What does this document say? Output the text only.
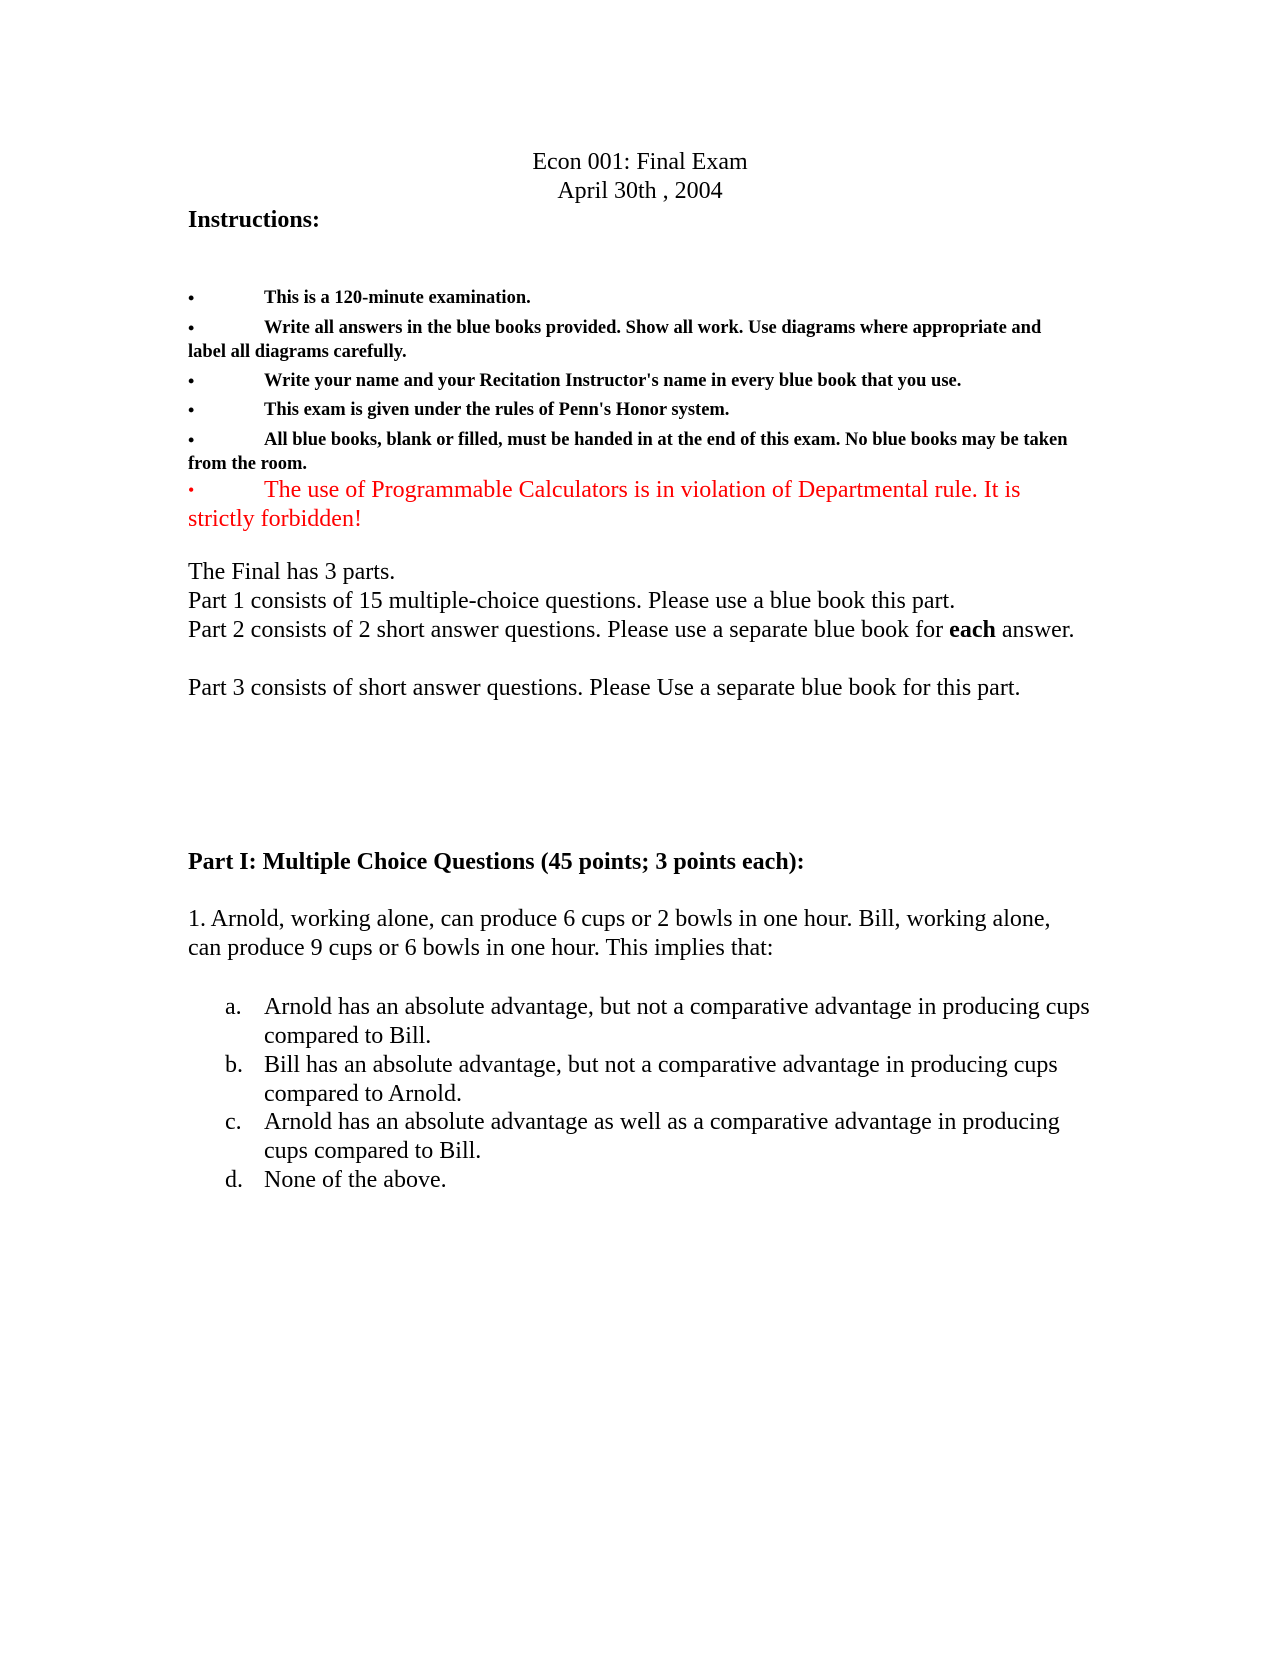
Econ 001: Final Exam
April 30th , 2004
Instructions:
•	This is a 120-minute examination.
•	Write all answers in the blue books provided. Show all work. Use diagrams where appropriate and label all diagrams carefully.
•	Write your name and your Recitation Instructor's name in every blue book that you use.
•	This exam is given under the rules of Penn's Honor system.
•	All blue books, blank or filled, must be handed in at the end of this exam. No blue books may be taken from the room.
•	The use of Programmable Calculators is in violation of Departmental rule. It is strictly forbidden!
The Final has 3 parts.
Part 1 consists of 15 multiple-choice questions. Please use a blue book this part.
Part 2 consists of 2 short answer questions. Please use a separate blue book for each answer.
Part 3 consists of short answer questions. Please Use a separate blue book for this part.
Part I: Multiple Choice Questions (45 points; 3 points each):
1. Arnold, working alone, can produce 6 cups or 2 bowls in one hour. Bill, working alone, can produce 9 cups or 6 bowls in one hour. This implies that:
a. Arnold has an absolute advantage, but not a comparative advantage in producing cups compared to Bill.
b. Bill has an absolute advantage, but not a comparative advantage in producing cups compared to Arnold.
c. Arnold has an absolute advantage as well as a comparative advantage in producing cups compared to Bill.
d. None of the above.
